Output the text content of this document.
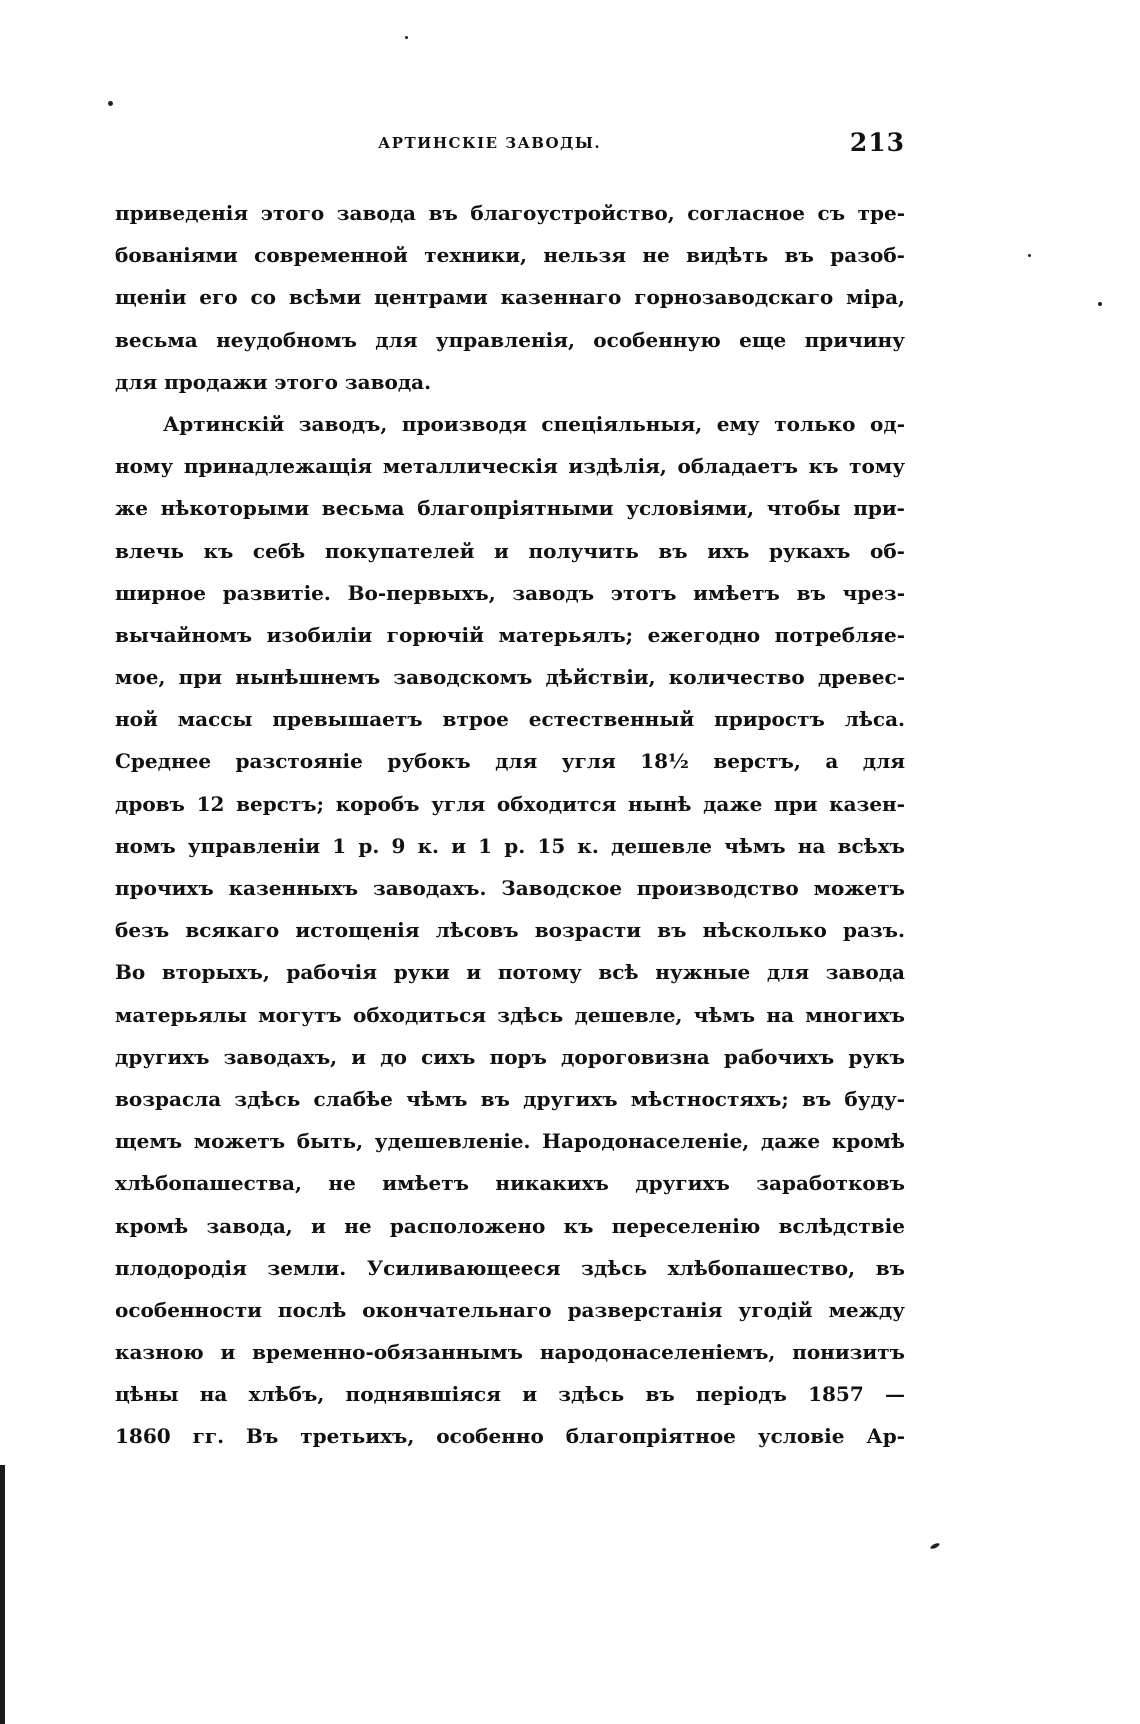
АРТИНСКІЕ ЗАВОДЫ.	213
приведенія этого завода въ благоустройство, согласное съ тре-
бованіями современной техники, нельзя не видѣть въ разоб-
щеніи его со всѣми центрами казеннаго горнозаводскаго міра,
весьма неудобномъ для управленія, особенную еще причину
для продажи этого завода.
Артинскій заводъ, производя спеціяльныя, ему только од-
ному принадлежащія металлическія издѣлія, обладаетъ къ тому
же нѣкоторыми весьма благопріятными условіями, чтобы при-
влечь къ себѣ покупателей и получить въ ихъ рукахъ об-
ширное развитіе. Во-первыхъ, заводъ этотъ имѣетъ въ чрез-
вычайномъ изобиліи горючій матерьялъ; ежегодно потребляе-
мое, при нынѣшнемъ заводскомъ дѣйствіи, количество древес-
ной массы превышаетъ втрое естественный приростъ лѣса.
Среднее разстояніе рубокъ для угля 18½ верстъ, а для
дровъ 12 верстъ; коробъ угля обходится нынѣ даже при казен-
номъ управленіи 1 р. 9 к. и 1 р. 15 к. дешевле чѣмъ на всѣхъ
прочихъ казенныхъ заводахъ. Заводское производство можетъ
безъ всякаго истощенія лѣсовъ возрасти въ нѣсколько разъ.
Во вторыхъ, рабочія руки и потому всѣ нужные для завода
матерьялы могутъ обходиться здѣсь дешевле, чѣмъ на многихъ
другихъ заводахъ, и до сихъ поръ дороговизна рабочихъ рукъ
возрасла здѣсь слабѣе чѣмъ въ другихъ мѣстностяхъ; въ буду-
щемъ можетъ быть, удешевленіе. Народонаселеніе, даже кромѣ
хлѣбопашества, не имѣетъ никакихъ другихъ заработковъ
кромѣ завода, и не расположено къ переселенію вслѣдствіе
плодородія земли. Усиливающееся здѣсь хлѣбопашество, въ
особенности послѣ окончательнаго разверстанія угодій между
казною и временно-обязаннымъ народонаселеніемъ, понизитъ
цѣны на хлѣбъ, поднявшіяся и здѣсь въ періодъ 1857 —
1860 гг. Въ третьихъ, особенно благопріятное условіе Ар-
